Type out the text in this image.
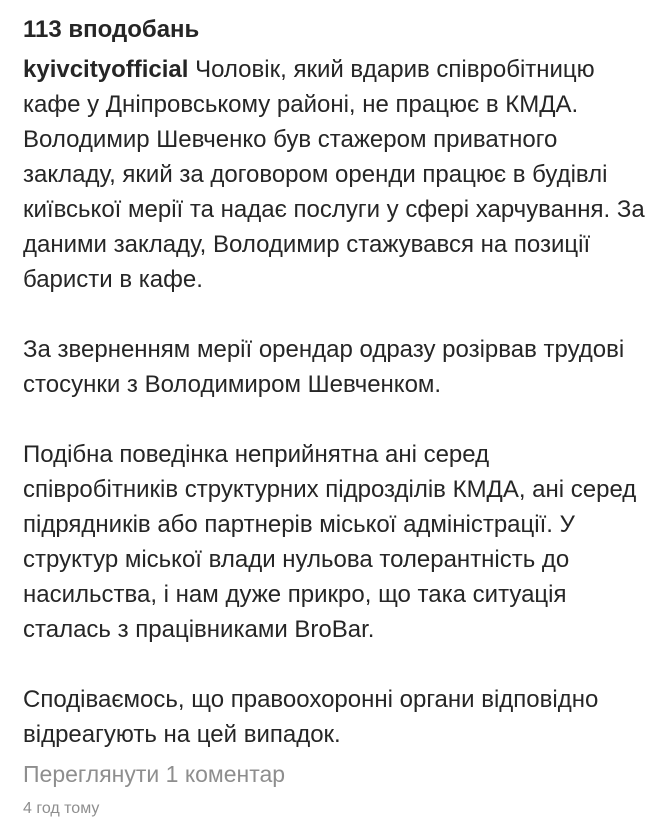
113 вподобань

kyivcityofficial Чоловік, який вдарив співробітницю кафе у Дніпровському районі, не працює в КМДА. Володимир Шевченко був стажером приватного закладу, який за договором оренди працює в будівлі київської мерії та надає послуги у сфері харчування. За даними закладу, Володимир стажувався на позиції баристи в кафе.

За зверненням мерії орендар одразу розірвав трудові стосунки з Володимиром Шевченком.

Подібна поведінка неприйнятна ані серед співробітників структурних підрозділів КМДА, ані серед підрядників або партнерів міської адміністрації. У структур міської влади нульова толерантність до насильства, і нам дуже прикро, що така ситуація сталась з працівниками BroBar.

Сподіваємось, що правоохоронні органи відповідно відреагують на цей випадок.

Переглянути 1 коментар
4 год тому
